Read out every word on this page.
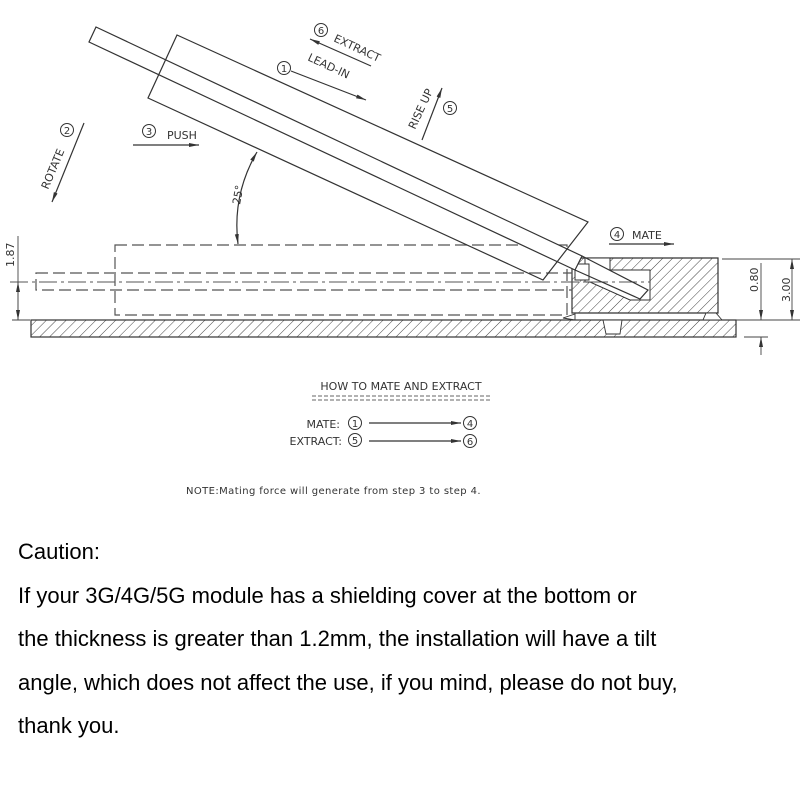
6
EXTRACT
1 LEAD-IN
5
RISE UP
2
ROTATE
3 PUSH
4 MATE
25°
1.87
0.80 3.00
HOW TO MATE AND EXTRACT
MATE: 1	4
EXTRACT: 5	6
NOTE:Mating force will generate from step 3 to step 4.

Caution:

If your 3G/4G/5G module has a shielding cover at the bottom or

the thickness is greater than 1.2mm, the installation will have a tilt

angle, which does not affect the use, if you mind, please do not buy,

thank you.
